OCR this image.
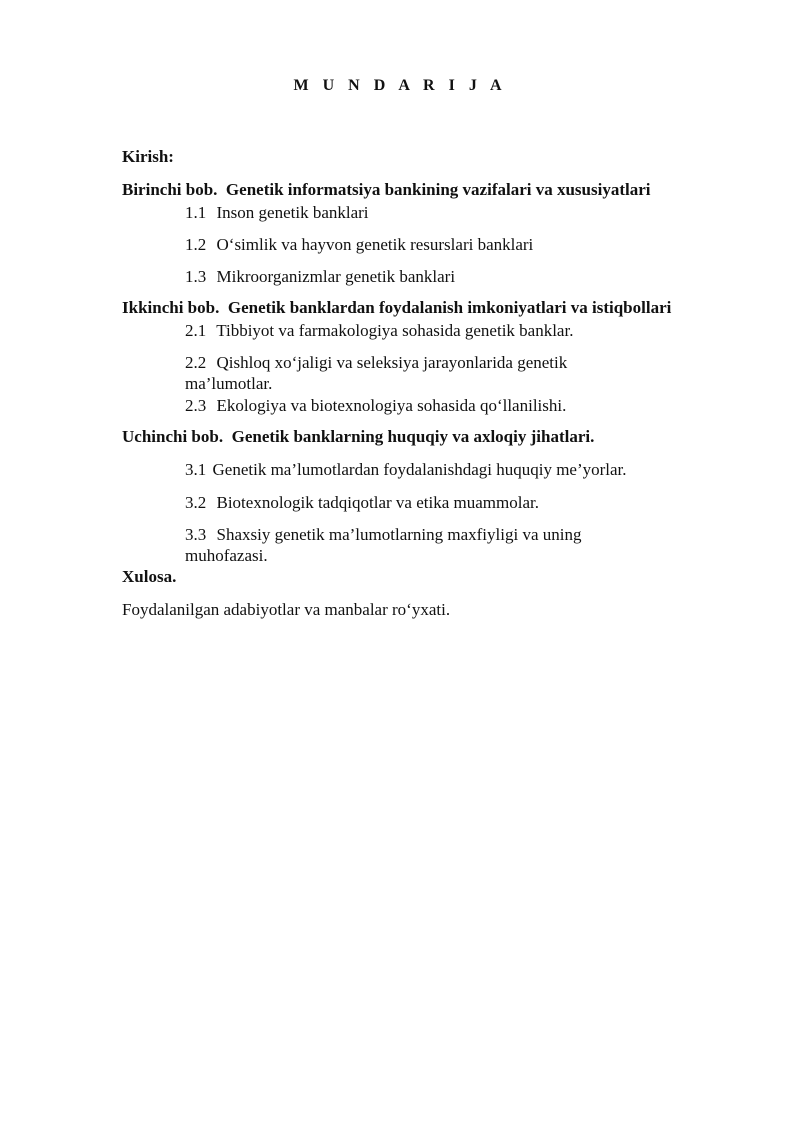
M U N D A R I J A
Kirish:
Birinchi bob. Genetik informatsiya bankining vazifalari va xususiyatlari
1.1 Inson genetik banklari
1.2 O‘simlik va hayvon genetik resurslari banklari
1.3 Mikroorganizmlar genetik banklari
Ikkinchi bob. Genetik banklardan foydalanish imkoniyatlari va istiqbollari
2.1 Tibbiyot va farmakologiya sohasida genetik banklar.
2.2 Qishloq xo‘jaligi va seleksiya jarayonlarida genetik ma’lumotlar.
2.3 Ekologiya va biotexnologiya sohasida qo‘llanilishi.
Uchinchi bob. Genetik banklarning huquqiy va axloqiy jihatlari.
3.1 Genetik ma’lumotlardan foydalanishdagi huquqiy me’yorlar.
3.2 Biotexnologik tadqiqotlar va etika muammolar.
3.3 Shaxsiy genetik ma’lumotlarning maxfiyligi va uning muhofazasi.
Xulosa.
Foydalanilgan adabiyotlar va manbalar ro‘yxati.
